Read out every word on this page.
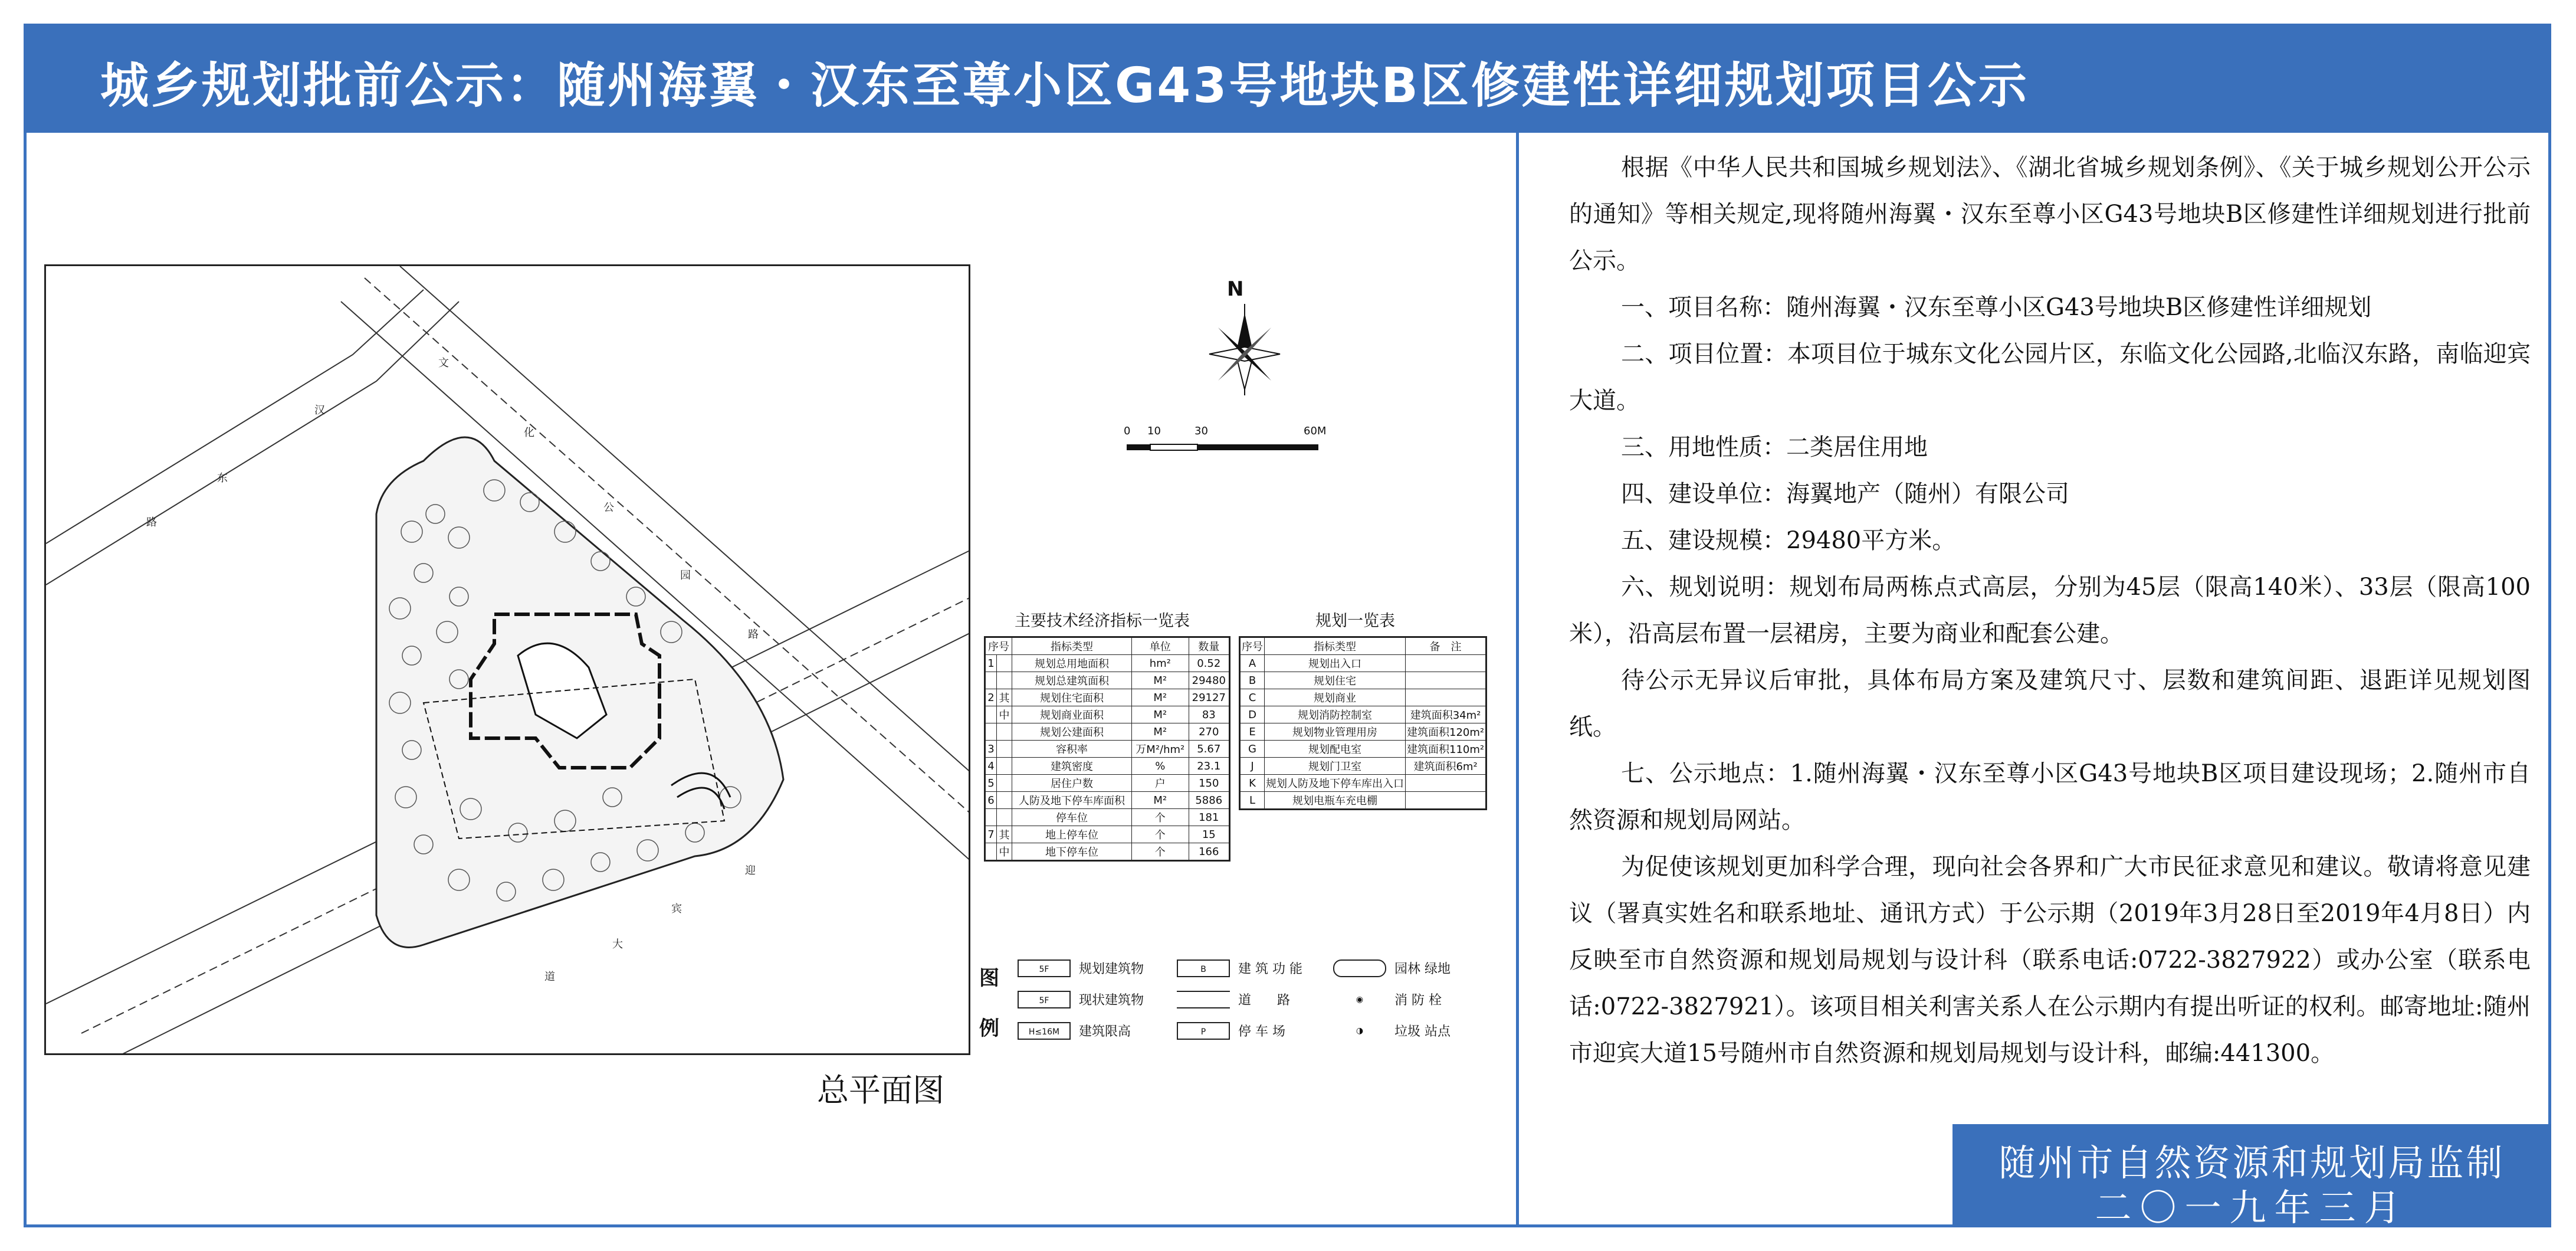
城乡规划批前公示：随州海翼・汉东至尊小区G43号地块B区修建性详细规划项目公示
汉
东
路
文
化
公
园
路
迎
宾
大
道
总平面图
N
0 10	30	60M
主要技术经济指标一览表
序号		指标类型	单位	数量
1		规划总用地面积	hm²	0.52
		规划总建筑面积	M²	29480
2	其	规划住宅面积	M²	29127
	中	规划商业面积	M²	83
		规划公建面积	M²	270
3		容积率	万M²/hm²	5.67
4		建筑密度	%	23.1
5		居住户数	户	150
6		人防及地下停车库面积	M²	5886
		停车位	个	181
7	其	地上停车位	个	15
	中	地下停车位	个	166
规划一览表
序号	指标类型	备　注
A	规划出入口	
B	规划住宅	
C	规划商业	
D	规划消防控制室	建筑面积34m²
E	规划物业管理用房	建筑面积120m²
G	规划配电室	建筑面积110m²
J	规划门卫室	建筑面积6m²
K	规划人防及地下停车库出入口	
L	规划电瓶车充电棚	
图
例
5F	规划建筑物	B	建 筑 功 能	园林 绿地
5F	现状建筑物	道　　路	◉	消 防 栓
H≤16M	建筑限高	P	停 车 场	◑	垃圾 站点

根据《中华人民共和国城乡规划法》、《湖北省城乡规划条例》、《关于城乡规划公开公示的通知》等相关规定,现将随州海翼・汉东至尊小区G43号地块B区修建性详细规划进行批前公示。

一、项目名称：随州海翼・汉东至尊小区G43号地块B区修建性详细规划

二、项目位置：本项目位于城东文化公园片区，东临文化公园路,北临汉东路，南临迎宾大道。

三、用地性质：二类居住用地

四、建设单位：海翼地产（随州）有限公司

五、建设规模：29480平方米。

六、规划说明：规划布局两栋点式高层，分别为45层（限高140米）、33层（限高100米），沿高层布置一层裙房，主要为商业和配套公建。

待公示无异议后审批，具体布局方案及建筑尺寸、层数和建筑间距、退距详见规划图纸。

七、公示地点：1.随州海翼・汉东至尊小区G43号地块B区项目建设现场；2.随州市自然资源和规划局网站。

为促使该规划更加科学合理，现向社会各界和广大市民征求意见和建议。敬请将意见建议（署真实姓名和联系地址、通讯方式）于公示期（2019年3月28日至2019年4月8日）内反映至市自然资源和规划局规划与设计科（联系电话:0722-3827922）或办公室（联系电话:0722-3827921）。该项目相关利害关系人在公示期内有提出听证的权利。邮寄地址:随州市迎宾大道15号随州市自然资源和规划局规划与设计科，邮编:441300。

随州市自然资源和规划局监制
二〇一九年三月
